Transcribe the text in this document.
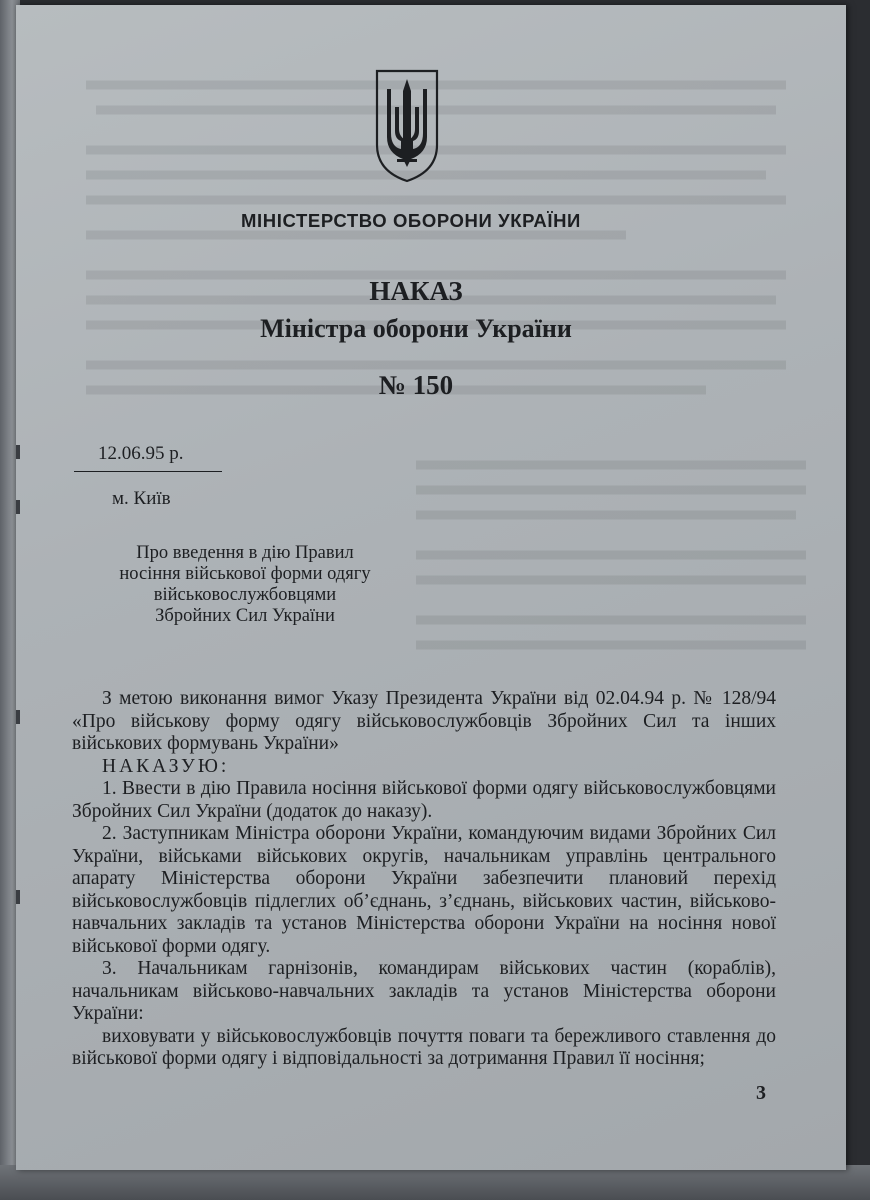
МІНІСТЕРСТВО ОБОРОНИ УКРАЇНИ
НАКАЗ
Міністра оборони України
№ 150
12.06.95 р.
м. Київ
Про введення в дію Правил
носіння військової форми одягу
військовослужбовцями
Збройних Сил України

З метою виконання вимог Указу Президента України від 02.04.94 р. № 128/94 «Про військову форму одягу військовослужбовців Збройних Сил та інших військових формувань України»

НАКАЗУЮ:

1. Ввести в дію Правила носіння військової форми одягу військовослужбовцями Збройних Сил України (додаток до наказу).

2. Заступникам Міністра оборони України, командуючим видами Збройних Сил України, військами військових округів, начальникам управлінь центрального апарату Міністерства оборони України забезпечити плановий перехід військовослужбовців підлеглих об’єднань, з’єднань, військових частин, військово-навчальних закладів та установ Міністерства оборони України на носіння нової військової форми одягу.

3. Начальникам гарнізонів, командирам військових частин (кораблів), начальникам військово-навчальних закладів та установ Міністерства оборони України:

виховувати у військовослужбовців почуття поваги та бережливого ставлення до військової форми одягу і відповідальності за дотримання Правил її носіння;

3
